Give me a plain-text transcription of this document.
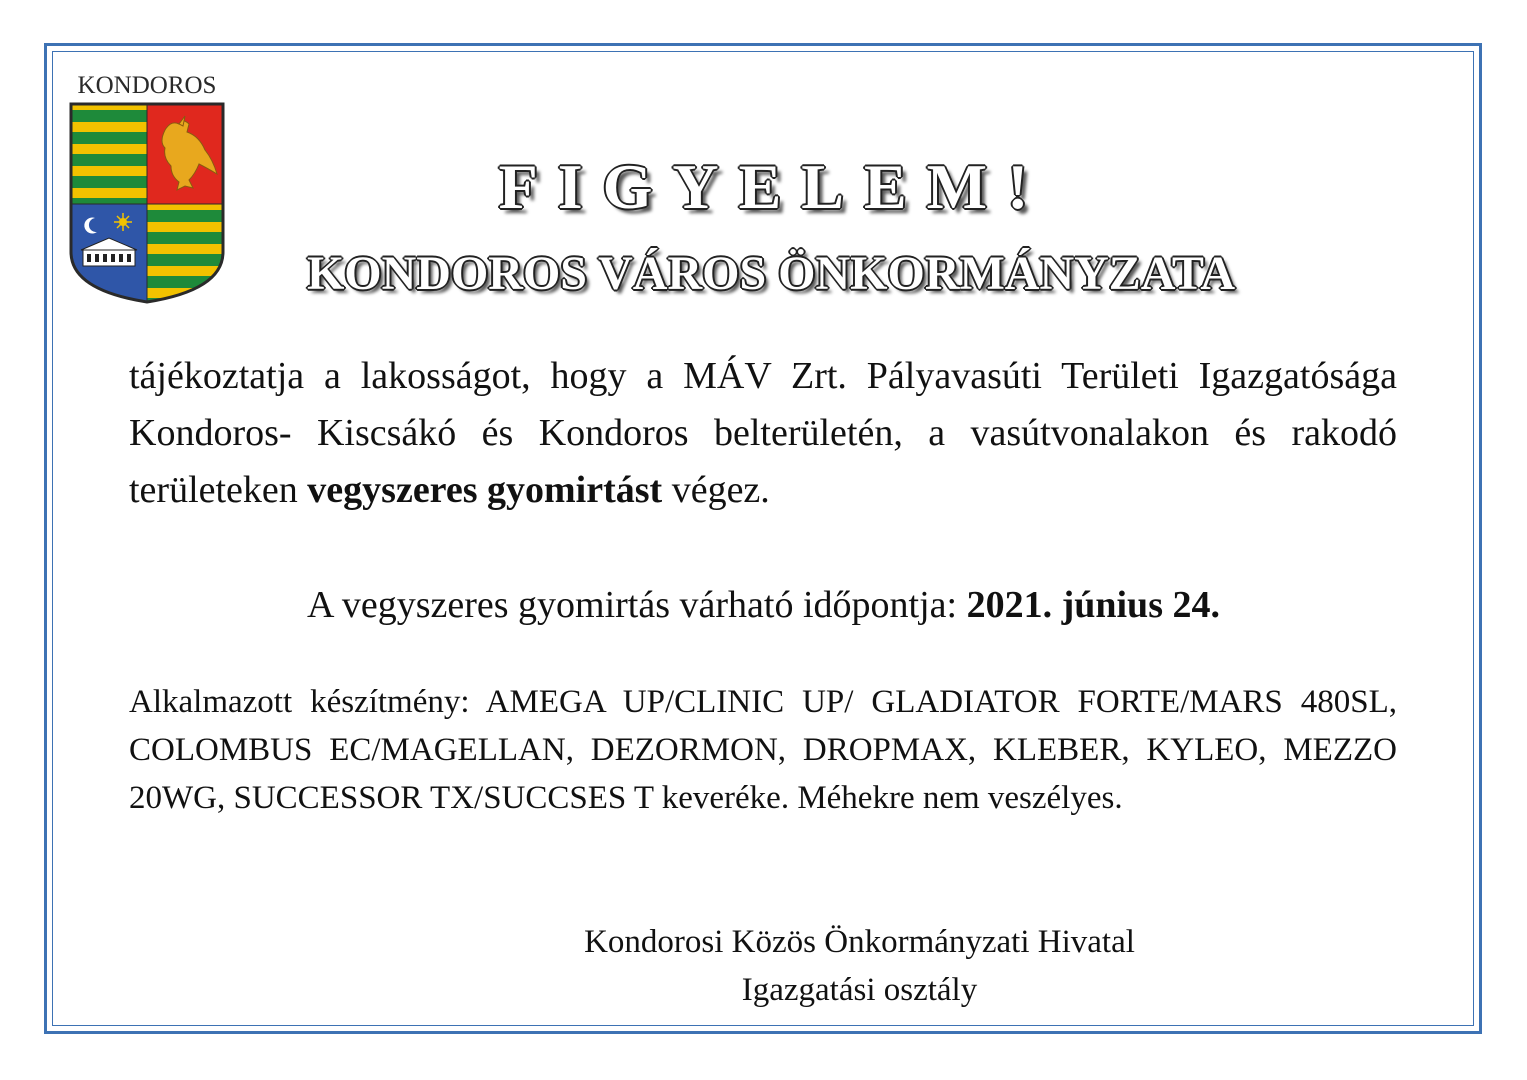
KONDOROS
FIGYELEM!
KONDOROS VÁROS ÖNKORMÁNYZATA

tájékoztatja a lakosságot, hogy a MÁV Zrt. Pályavasúti Területi Igazgatósága Kondoros- Kiscsákó és Kondoros belterületén, a vasútvonalakon és rakodó területeken vegyszeres gyomirtást végez.

A vegyszeres gyomirtás várható időpontja: 2021. június 24.

Alkalmazott készítmény: AMEGA UP/CLINIC UP/ GLADIATOR FORTE/MARS 480SL, COLOMBUS EC/MAGELLAN, DEZORMON, DROPMAX, KLEBER, KYLEO, MEZZO 20WG, SUCCESSOR TX/SUCCSES T keveréke. Méhekre nem veszélyes.

Kondorosi Közös Önkormányzati Hivatal
Igazgatási osztály
